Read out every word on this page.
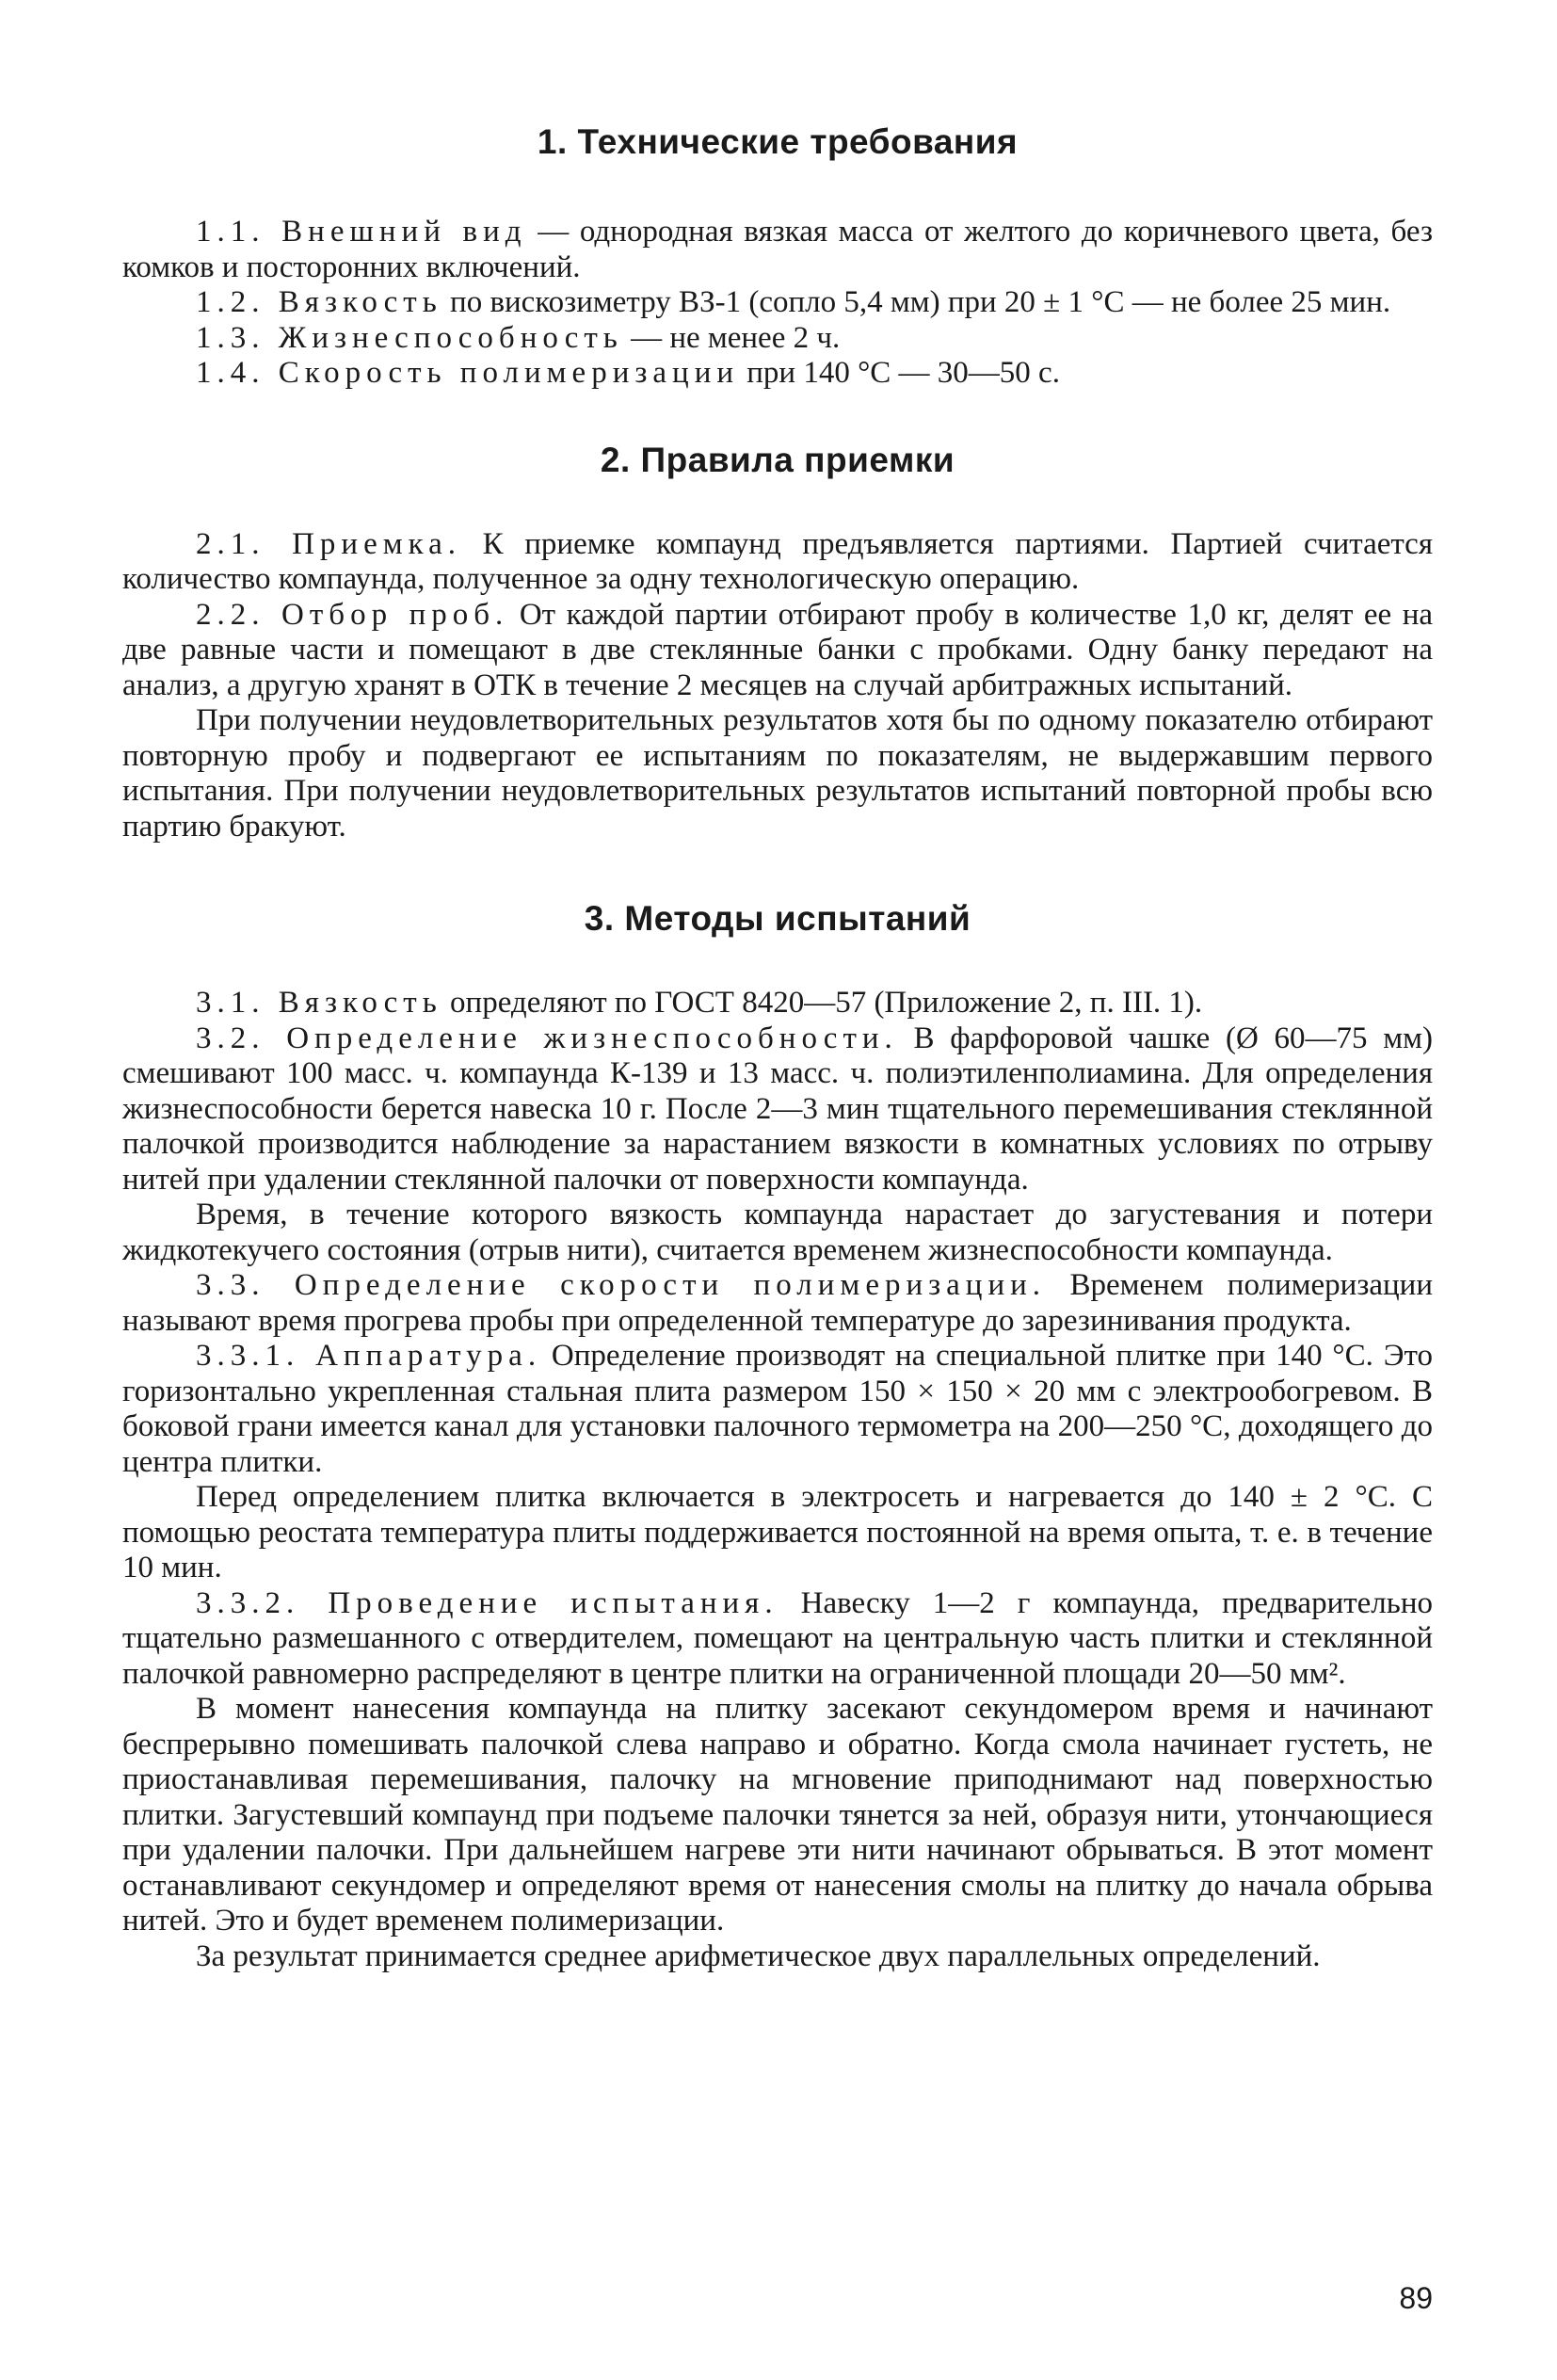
1. Технические требования

1.1. Внешний вид — однородная вязкая масса от желтого до коричневого цвета, без комков и посторонних включений.

1.2. Вязкость по вискозиметру ВЗ-1 (сопло 5,4 мм) при 20 ± 1 °С — не более 25 мин.

1.3. Жизнеспособность — не менее 2 ч.

1.4. Скорость полимеризации при 140 °С — 30—50 с.

2. Правила приемки

2.1. Приемка. К приемке компаунд предъявляется партиями. Партией считается количество компаунда, полученное за одну технологическую операцию.

2.2. Отбор проб. От каждой партии отбирают пробу в количестве 1,0 кг, делят ее на две равные части и помещают в две стеклянные банки с пробками. Одну банку передают на анализ, а другую хранят в ОТК в течение 2 месяцев на случай арбитражных испытаний.

При получении неудовлетворительных результатов хотя бы по одному показателю отбирают повторную пробу и подвергают ее испытаниям по показателям, не выдержавшим первого испытания. При получении неудовлетворительных результатов испытаний повторной пробы всю партию бракуют.

3. Методы испытаний

3.1. Вязкость определяют по ГОСТ 8420—57 (Приложение 2, п. III. 1).

3.2. Определение жизнеспособности. В фарфоровой чашке (Ø 60—75 мм) смешивают 100 масс. ч. компаунда К-139 и 13 масс. ч. полиэтиленполиамина. Для определения жизнеспособности берется навеска 10 г. После 2—3 мин тщательного перемешивания стеклянной палочкой производится наблюдение за нарастанием вязкости в комнатных условиях по отрыву нитей при удалении стеклянной палочки от поверхности компаунда.

Время, в течение которого вязкость компаунда нарастает до загустевания и потери жидкотекучего состояния (отрыв нити), считается временем жизнеспособности компаунда.

3.3. Определение скорости полимеризации. Временем полимеризации называют время прогрева пробы при определенной температуре до зарезинивания продукта.

3.3.1. Аппаратура. Определение производят на специальной плитке при 140 °С. Это горизонтально укрепленная стальная плита размером 150 × 150 × 20 мм с электрообогревом. В боковой грани имеется канал для установки палочного термометра на 200—250 °С, доходящего до центра плитки.

Перед определением плитка включается в электросеть и нагревается до 140 ± 2 °С. С помощью реостата температура плиты поддерживается постоянной на время опыта, т. е. в течение 10 мин.

3.3.2. Проведение испытания. Навеску 1—2 г компаунда, предварительно тщательно размешанного с отвердителем, помещают на центральную часть плитки и стеклянной палочкой равномерно распределяют в центре плитки на ограниченной площади 20—50 мм².

В момент нанесения компаунда на плитку засекают секундомером время и начинают беспрерывно помешивать палочкой слева направо и обратно. Когда смола начинает густеть, не приостанавливая перемешивания, палочку на мгновение приподнимают над поверхностью плитки. Загустевший компаунд при подъеме палочки тянется за ней, образуя нити, утончающиеся при удалении палочки. При дальнейшем нагреве эти нити начинают обрываться. В этот момент останавливают секундомер и определяют время от нанесения смолы на плитку до начала обрыва нитей. Это и будет временем полимеризации.

За результат принимается среднее арифметическое двух параллельных определений.

89
